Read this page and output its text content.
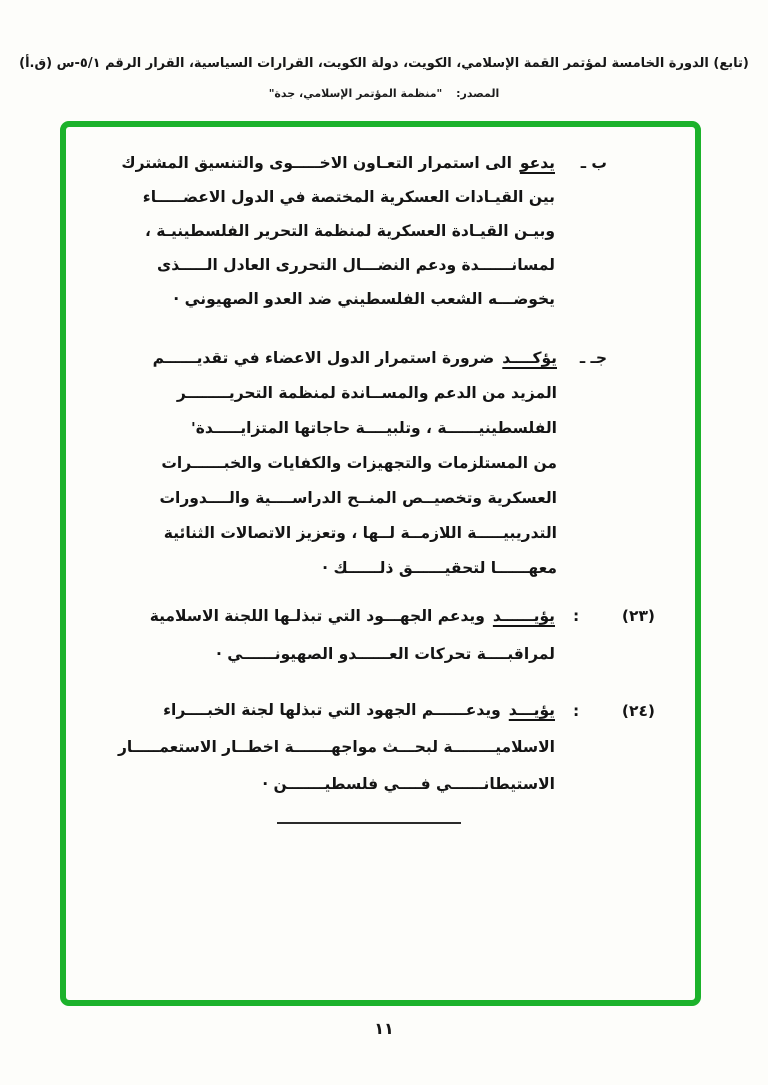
(تابع) الدورة الخامسة لمؤتمر القمة الإسلامي، الكويت، دولة الكويت، القرارات السياسية، القرار الرقم ٥/١-س (ق.أ)
المصدر: "منظمة المؤتمر الإسلامي، جدة"
ب ـ
يدعوالى استمرار التعـاون الاخـــــوى والتنسيق المشترك
بين القيـادات العسكرية المختصة في الدول الاعضـــــاء
وبيـن القيـادة العسكرية لمنظمة التحرير الفلسطينيـة ،
لمسانــــــدة ودعم النضـــال التحررى العادل الـــــذى
يخوضـــه الشعب الفلسطيني ضد العدو الصهيوني ·
جـ ـ
يؤكــــدضرورة استمرار الدول الاعضاء في تقديــــــم
المزيد من الدعم والمســاندة لمنظمة التحريــــــــر
الفلسطينيــــــة ، وتلبيــــة حاجاتها المتزايـــــدة'
من المستلزمات والتجهيزات والكفايات والخبــــــرات
العسكرية وتخصيــص المنــح الدراســــية والــــدورات
التدريبيـــــة اللازمــة لــها ، وتعزيز الاتصالات الثنائية
معهــــــا لتحقيــــــق ذلــــــك ·
(٢٣)
:
يؤيــــــدويدعم الجهـــود التي تبذلـها اللجنة الاسلامية
لمراقبــــة تحركات العــــــدو الصهيونــــــي ·
(٢٤)
:
يؤيـــدويدعــــــم الجهود التي تبذلها لجنة الخبــــراء
الاسلاميــــــــة لبحـــث مواجهـــــــة اخطــار الاستعمـــــار
الاستيطانــــــي فــــي فلسطيـــــــن ·
١١
